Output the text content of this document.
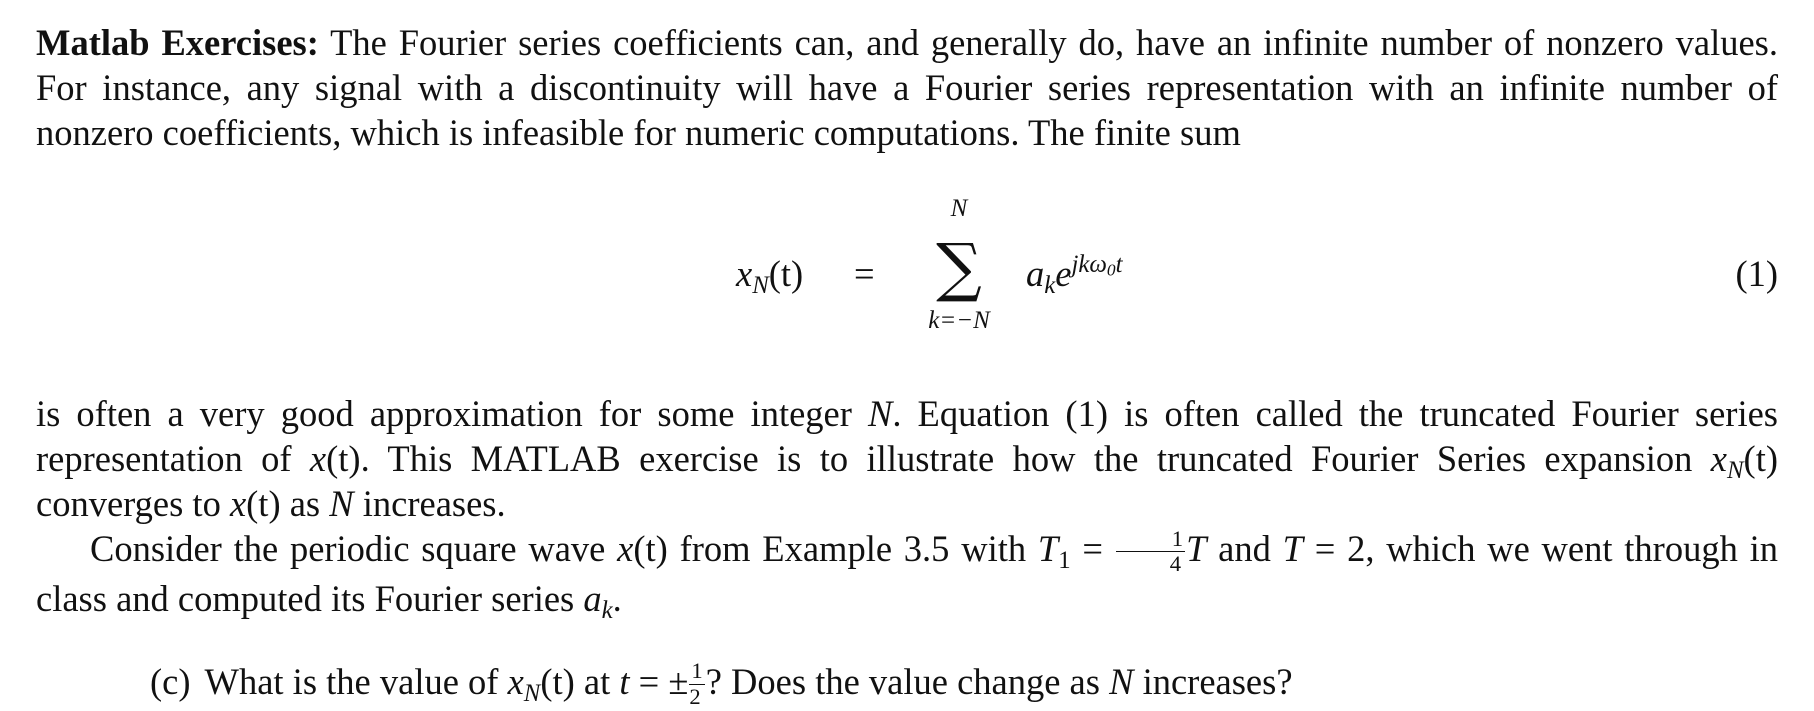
Matlab Exercises: The Fourier series coefficients can, and generally do, have an infinite number of nonzero values. For instance, any signal with a discontinuity will have a Fourier series representation with an infinite number of nonzero coefficients, which is infeasible for numeric computations. The finite sum

$x_N(t)$ =
N
∑
k=−N
$a_ke^{jk\omega 0t}$	(1)

is often a very good approximation for some integer N. Equation (1) is often called the truncated Fourier series representation of x(t). This MATLAB exercise is to illustrate how the truncated Fourier Series expansion $x_N(t)$ converges to x(t) as N increases.

Consider the periodic square wave x(t) from Example 3.5 with $T_1 = \frac{1}{4}$ T and T = 2, which we went through in class and computed its Fourier series $a_k$.

(c) What is the value of $x_N(t)$ at t = ± $\frac{1}{2}$ ? Does the value change as N increases?
